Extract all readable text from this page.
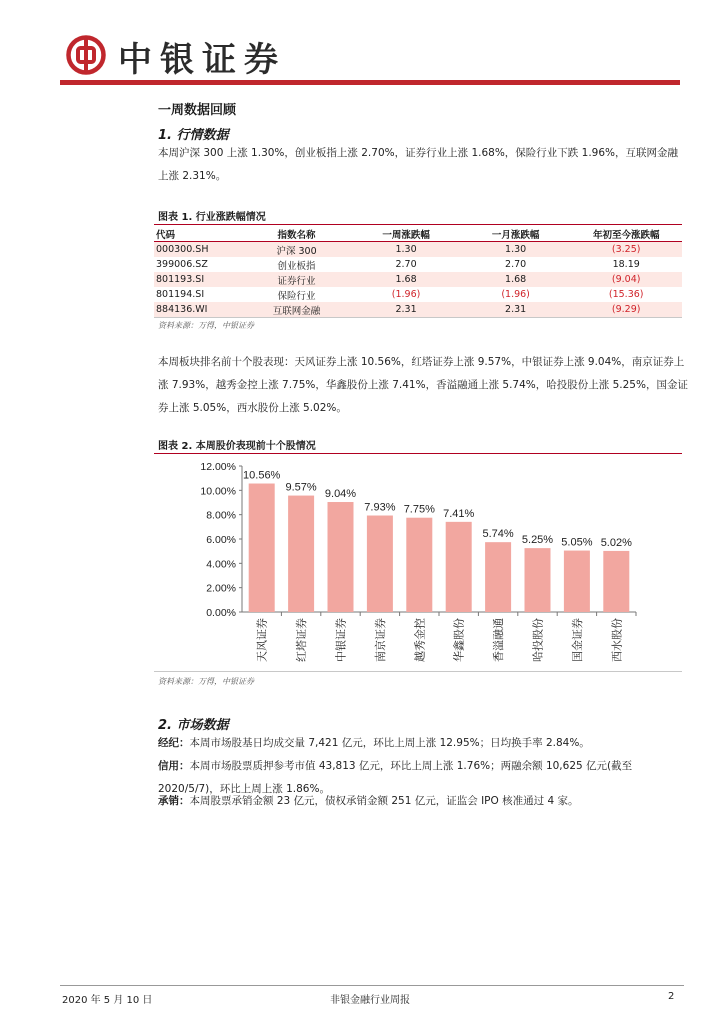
中银证券
一周数据回顾
1. 行情数据
本周沪深 300 上涨 1.30%，创业板指上涨 2.70%，证券行业上涨 1.68%，保险行业下跌 1.96%，互联网金融上涨 2.31%。
图表 1. 行业涨跌幅情况
代码	指数名称	一周涨跌幅	一月涨跌幅	年初至今涨跌幅
000300.SH	沪深 300	1.30	1.30	(3.25)
399006.SZ	创业板指	2.70	2.70	18.19
801193.SI	证券行业	1.68	1.68	(9.04)
801194.SI	保险行业	(1.96)	(1.96)	(15.36)
884136.WI	互联网金融	2.31	2.31	(9.29)
资料来源：万得，中银证券
本周板块排名前十个股表现：天风证券上涨 10.56%，红塔证券上涨 9.57%，中银证券上涨 9.04%，南京证券上涨 7.93%，越秀金控上涨 7.75%，华鑫股份上涨 7.41%，香溢融通上涨 5.74%，哈投股份上涨 5.25%，国金证券上涨 5.05%，西水股份上涨 5.02%。
图表 2. 本周股价表现前十个股情况
0.00%
2.00%
4.00%
6.00%
8.00%
10.00%
12.00%
10.56%
天风证券
9.57%
红塔证券
9.04%
中银证券
7.93%
南京证券
7.75%
越秀金控
7.41%
华鑫股份
5.74%
香溢融通
5.25%
哈投股份
5.05%
国金证券
5.02%
西水股份
资料来源：万得，中银证券
2. 市场数据
经纪：本周市场股基日均成交量 7,421 亿元，环比上周上涨 12.95%；日均换手率 2.84%。
信用：本周市场股票质押参考市值 43,813 亿元，环比上周上涨 1.76%；两融余额 10,625 亿元(截至 2020/5/7)，环比上周上涨 1.86%。
承销：本周股票承销金额 23 亿元，债权承销金额 251 亿元，证监会 IPO 核准通过 4 家。
2020 年 5 月 10 日	非银金融行业周报	2
